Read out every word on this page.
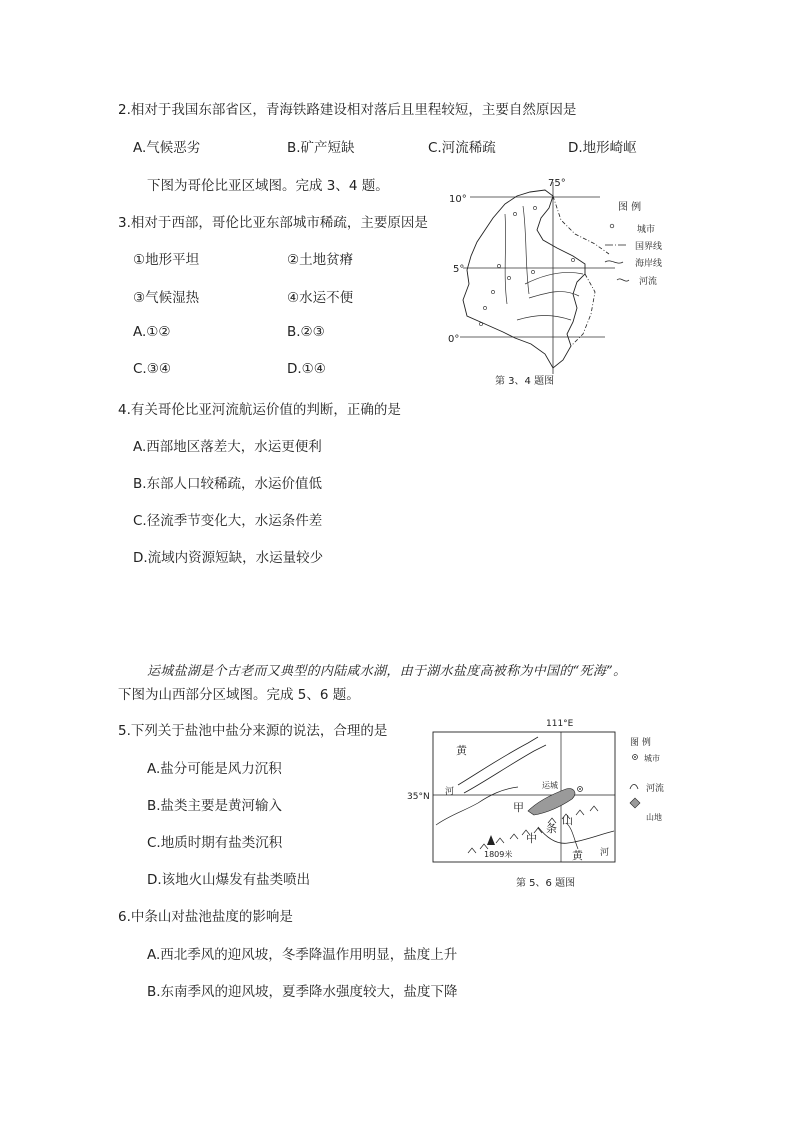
2.相对于我国东部省区，青海铁路建设相对落后且里程较短，主要自然原因是
A.气候恶劣	B.矿产短缺	C.河流稀疏	D.地形崎岖
下图为哥伦比亚区域图。完成 3、4 题。
3.相对于西部，哥伦比亚东部城市稀疏，主要原因是
①地形平坦	②土地贫瘠
③气候湿热	④水运不便
A.①②	B.②③
C.③④	D.①④
10°
5°
0°
75°
图 例
城市
国界线
海岸线
河流
第 3、4 题图
4.有关哥伦比亚河流航运价值的判断，正确的是
A.西部地区落差大，水运更便利
B.东部人口较稀疏，水运价值低
C.径流季节变化大，水运条件差
D.流域内资源短缺，水运量较少
运城盐湖是个古老而又典型的内陆咸水湖，由于湖水盐度高被称为中国的“死海”。
下图为山西部分区域图。完成 5、6 题。
5.下列关于盐池中盐分来源的说法，合理的是
A.盐分可能是风力沉积
B.盐类主要是黄河输入
C.地质时期有盐类沉积
D.该地火山爆发有盐类喷出
111°E
35°N
黄
河
运城
甲
中
条
山
1809米	黄 河
图 例
城市
河流
山地
第 5、6 题图
6.中条山对盐池盐度的影响是
A.西北季风的迎风坡，冬季降温作用明显，盐度上升
B.东南季风的迎风坡，夏季降水强度较大，盐度下降
